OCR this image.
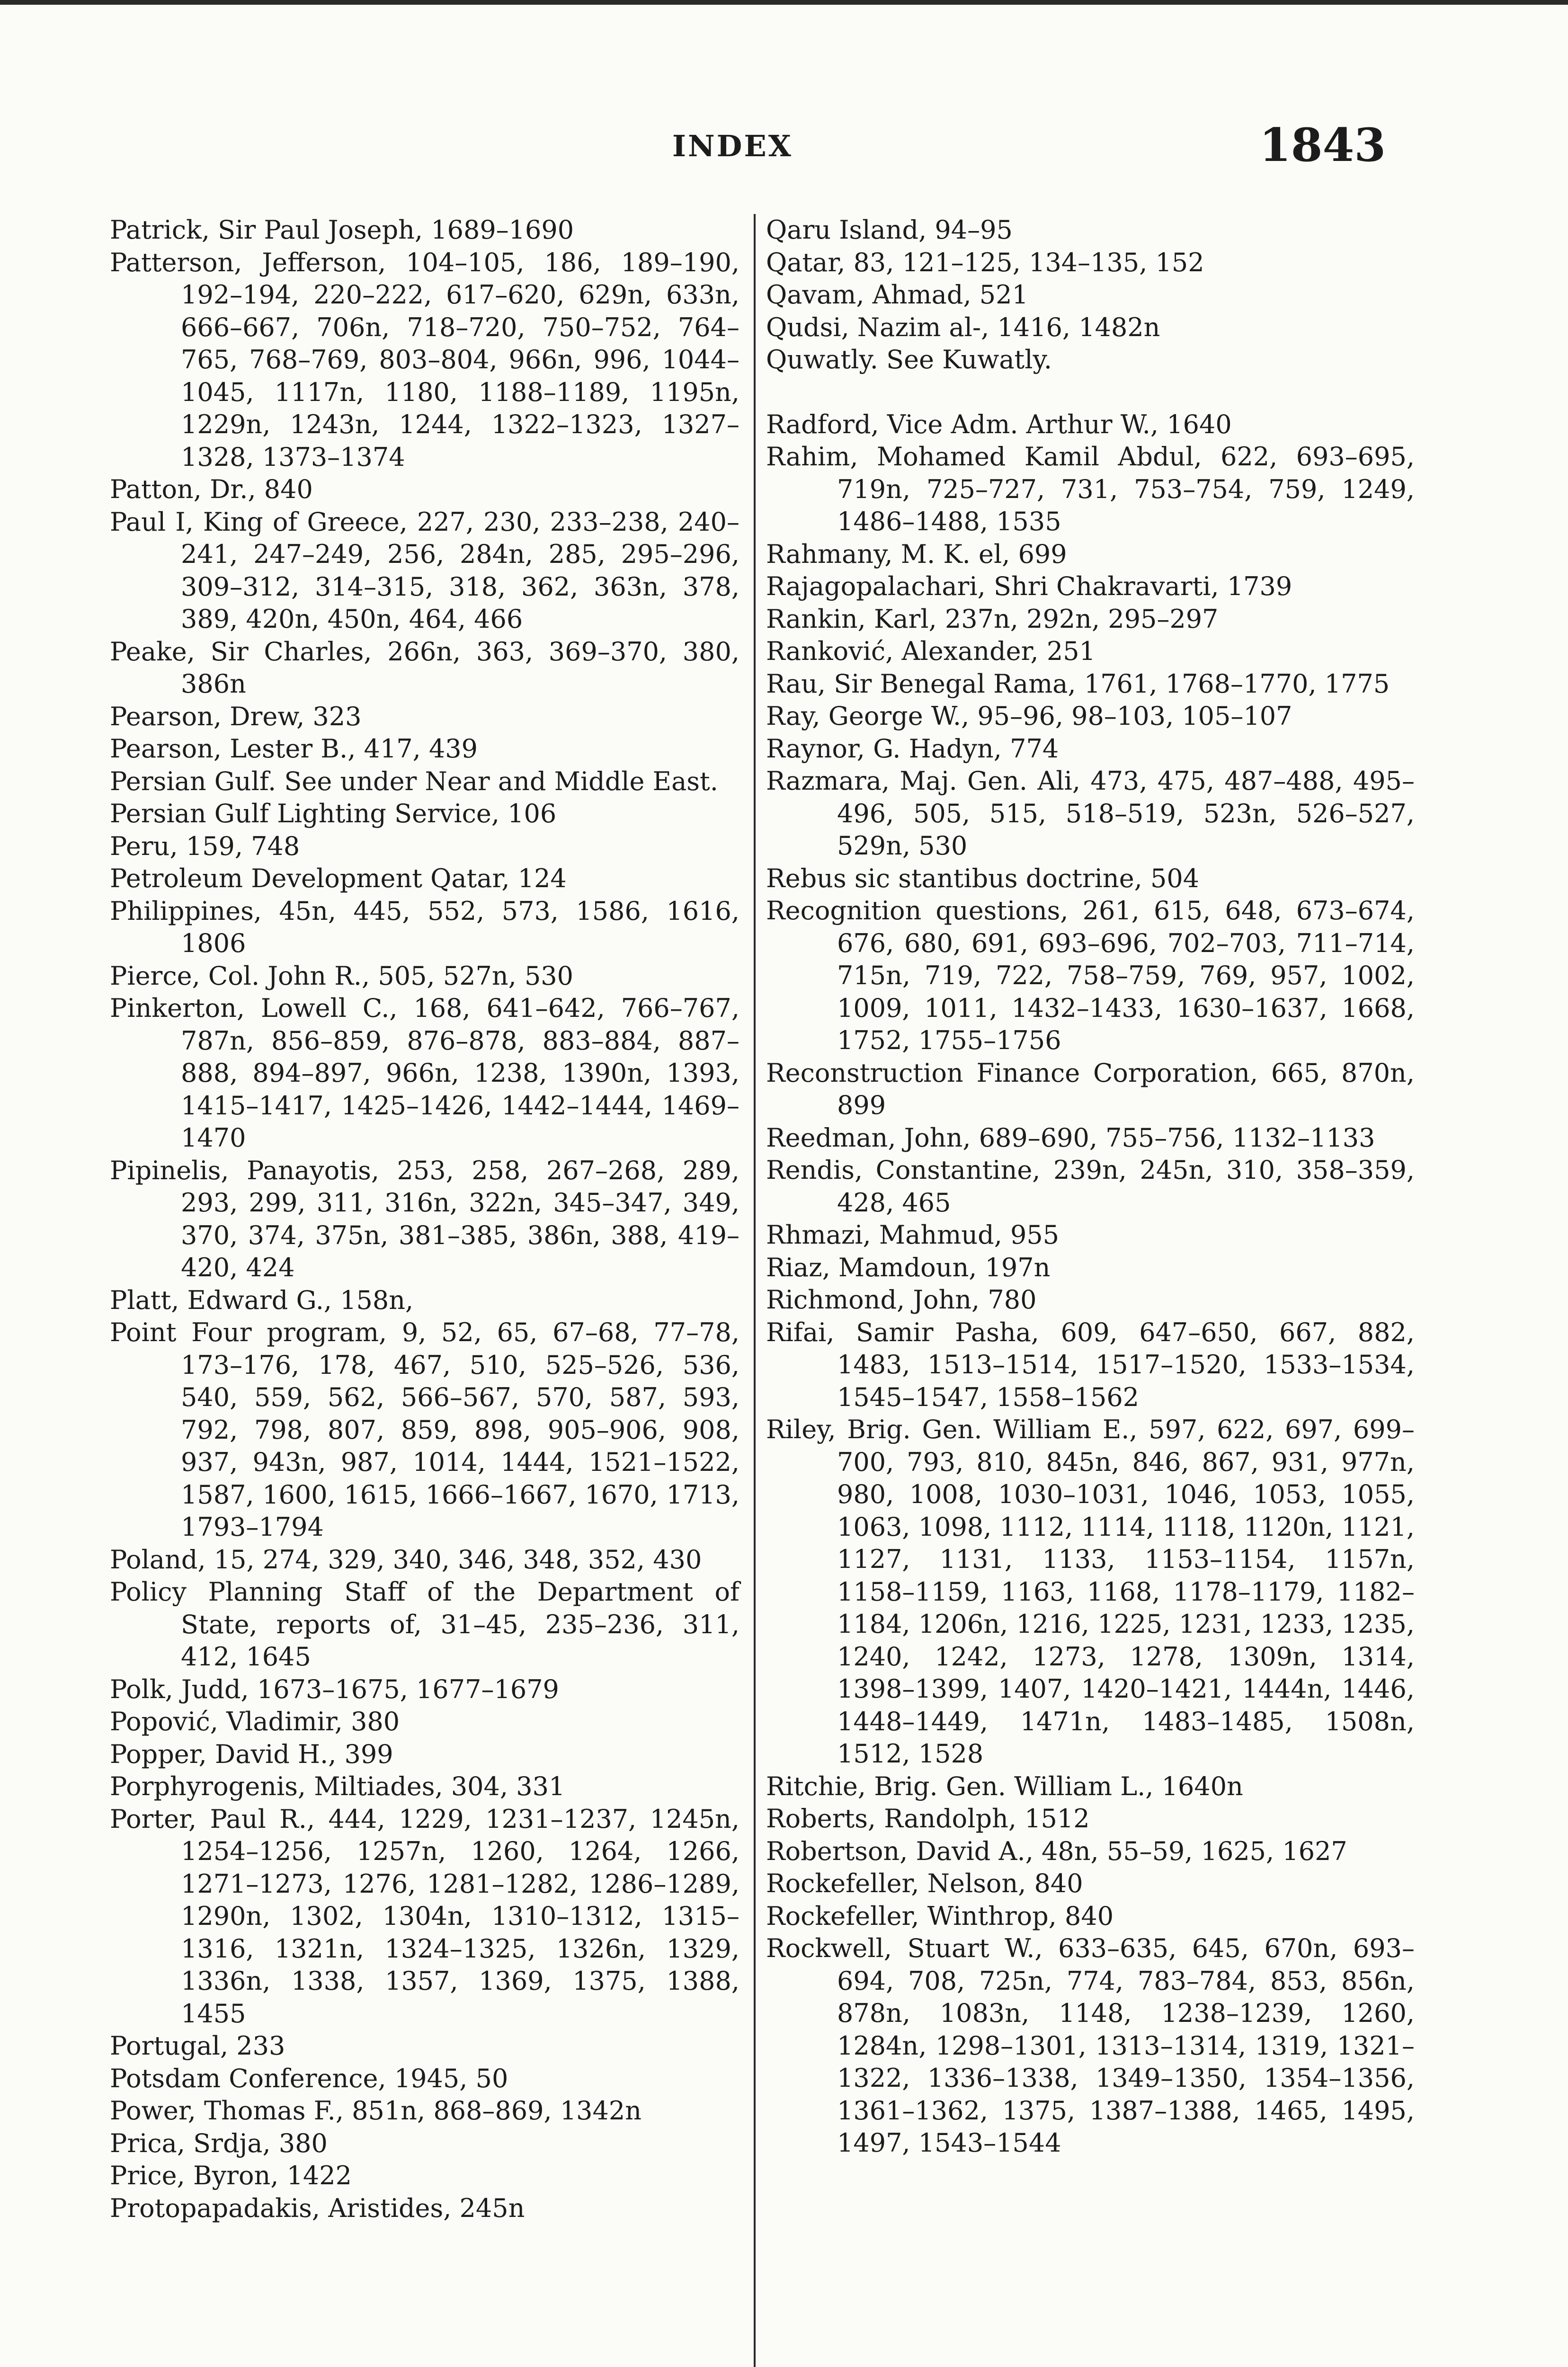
INDEX	1843
Patrick, Sir Paul Joseph, 1689–1690
Patterson, Jefferson, 104–105, 186, 189–190, 192–194, 220–222, 617–620, 629n, 633n, 666–667, 706n, 718–720, 750–752, 764–765, 768–769, 803–804, 966n, 996, 1044–1045, 1117n, 1180, 1188–1189, 1195n, 1229n, 1243n, 1244, 1322–1323, 1327–1328, 1373–1374
Patton, Dr., 840
Paul I, King of Greece, 227, 230, 233–238, 240–241, 247–249, 256, 284n, 285, 295–296, 309–312, 314–315, 318, 362, 363n, 378, 389, 420n, 450n, 464, 466
Peake, Sir Charles, 266n, 363, 369–370, 380, 386n
Pearson, Drew, 323
Pearson, Lester B., 417, 439
Persian Gulf. See under Near and Middle East.
Persian Gulf Lighting Service, 106
Peru, 159, 748
Petroleum Development Qatar, 124
Philippines, 45n, 445, 552, 573, 1586, 1616, 1806
Pierce, Col. John R., 505, 527n, 530
Pinkerton, Lowell C., 168, 641–642, 766–767, 787n, 856–859, 876–878, 883–884, 887–888, 894–897, 966n, 1238, 1390n, 1393, 1415–1417, 1425–1426, 1442–1444, 1469–1470
Pipinelis, Panayotis, 253, 258, 267–268, 289, 293, 299, 311, 316n, 322n, 345–347, 349, 370, 374, 375n, 381–385, 386n, 388, 419–420, 424
Platt, Edward G., 158n,
Point Four program, 9, 52, 65, 67–68, 77–78, 173–176, 178, 467, 510, 525–526, 536, 540, 559, 562, 566–567, 570, 587, 593, 792, 798, 807, 859, 898, 905–906, 908, 937, 943n, 987, 1014, 1444, 1521–1522, 1587, 1600, 1615, 1666–1667, 1670, 1713, 1793–1794
Poland, 15, 274, 329, 340, 346, 348, 352, 430
Policy Planning Staff of the Department of State, reports of, 31–45, 235–236, 311, 412, 1645
Polk, Judd, 1673–1675, 1677–1679
Popović, Vladimir, 380
Popper, David H., 399
Porphyrogenis, Miltiades, 304, 331
Porter, Paul R., 444, 1229, 1231–1237, 1245n, 1254–1256, 1257n, 1260, 1264, 1266, 1271–1273, 1276, 1281–1282, 1286–1289, 1290n, 1302, 1304n, 1310–1312, 1315–1316, 1321n, 1324–1325, 1326n, 1329, 1336n, 1338, 1357, 1369, 1375, 1388, 1455
Portugal, 233
Potsdam Conference, 1945, 50
Power, Thomas F., 851n, 868–869, 1342n
Prica, Srdja, 380
Price, Byron, 1422
Protopapadakis, Aristides, 245n
Qaru Island, 94–95
Qatar, 83, 121–125, 134–135, 152
Qavam, Ahmad, 521
Qudsi, Nazim al-, 1416, 1482n
Quwatly. See Kuwatly.
Radford, Vice Adm. Arthur W., 1640
Rahim, Mohamed Kamil Abdul, 622, 693–695, 719n, 725–727, 731, 753–754, 759, 1249, 1486–1488, 1535
Rahmany, M. K. el, 699
Rajagopalachari, Shri Chakravarti, 1739
Rankin, Karl, 237n, 292n, 295–297
Ranković, Alexander, 251
Rau, Sir Benegal Rama, 1761, 1768–1770, 1775
Ray, George W., 95–96, 98–103, 105–107
Raynor, G. Hadyn, 774
Razmara, Maj. Gen. Ali, 473, 475, 487–488, 495–496, 505, 515, 518–519, 523n, 526–527, 529n, 530
Rebus sic stantibus doctrine, 504
Recognition questions, 261, 615, 648, 673–674, 676, 680, 691, 693–696, 702–703, 711–714, 715n, 719, 722, 758–759, 769, 957, 1002, 1009, 1011, 1432–1433, 1630–1637, 1668, 1752, 1755–1756
Reconstruction Finance Corporation, 665, 870n, 899
Reedman, John, 689–690, 755–756, 1132–1133
Rendis, Constantine, 239n, 245n, 310, 358–359, 428, 465
Rhmazi, Mahmud, 955
Riaz, Mamdoun, 197n
Richmond, John, 780
Rifai, Samir Pasha, 609, 647–650, 667, 882, 1483, 1513–1514, 1517–1520, 1533–1534, 1545–1547, 1558–1562
Riley, Brig. Gen. William E., 597, 622, 697, 699–700, 793, 810, 845n, 846, 867, 931, 977n, 980, 1008, 1030–1031, 1046, 1053, 1055, 1063, 1098, 1112, 1114, 1118, 1120n, 1121, 1127, 1131, 1133, 1153–1154, 1157n, 1158–1159, 1163, 1168, 1178–1179, 1182–1184, 1206n, 1216, 1225, 1231, 1233, 1235, 1240, 1242, 1273, 1278, 1309n, 1314, 1398–1399, 1407, 1420–1421, 1444n, 1446, 1448–1449, 1471n, 1483–1485, 1508n, 1512, 1528
Ritchie, Brig. Gen. William L., 1640n
Roberts, Randolph, 1512
Robertson, David A., 48n, 55–59, 1625, 1627
Rockefeller, Nelson, 840
Rockefeller, Winthrop, 840
Rockwell, Stuart W., 633–635, 645, 670n, 693–694, 708, 725n, 774, 783–784, 853, 856n, 878n, 1083n, 1148, 1238–1239, 1260, 1284n, 1298–1301, 1313–1314, 1319, 1321–1322, 1336–1338, 1349–1350, 1354–1356, 1361–1362, 1375, 1387–1388, 1465, 1495, 1497, 1543–1544
